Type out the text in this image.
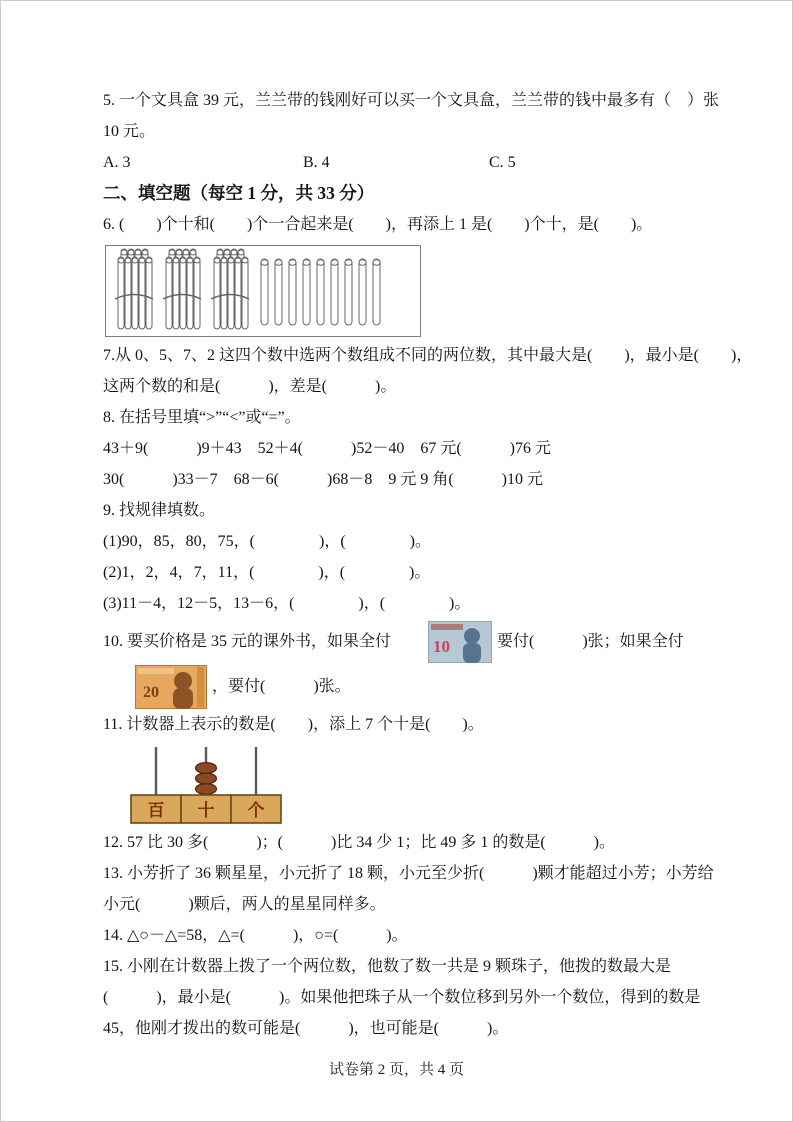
5. 一个文具盒 39 元，兰兰带的钱刚好可以买一个文具盒，兰兰带的钱中最多有（　）张
10 元。
A. 3	B. 4	C. 5
二、填空题（每空 1 分，共 33 分）
6. (　　)个十和(　　)个一合起来是(　　)，再添上 1 是(　　)个十，是(　　)。
7.从 0、5、7、2 这四个数中选两个数组成不同的两位数，其中最大是(　　)，最小是(　　)，
这两个数的和是(　　　)，差是(　　　)。
8. 在括号里填“>”“<”或“=”。
43＋9(　　　)9＋43　52＋4(　　　)52－40　67 元(　　　)76 元
30(　　　)33－7　68－6(　　　)68－8　9 元 9 角(　　　)10 元
9. 找规律填数。
(1)90，85，80，75，(　　　　)，(　　　　)。
(2)1，2，4，7，11，(　　　　)，(　　　　)。
(3)11－4，12－5，13－6，(　　　　)，(　　　　)。
10. 要买价格是 35 元的课外书，如果全付

10

	要付(　　　)张；如果全付

20

	，要付(　　　)张。
11. 计数器上表示的数是(　　)，添上 7 个十是(　　)。
百 十 个
12. 57 比 30 多(　　　)；(　　　)比 34 少 1；比 49 多 1 的数是(　　　)。
13. 小芳折了 36 颗星星，小元折了 18 颗，小元至少折(　　　)颗才能超过小芳；小芳给
小元(　　　)颗后，两人的星星同样多。
14. △○－△=58，△=(　　　)，○=(　　　)。
15. 小刚在计数器上拨了一个两位数，他数了数一共是 9 颗珠子，他拨的数最大是
(　　　)，最小是(　　　)。如果他把珠子从一个数位移到另外一个数位，得到的数是
45，他刚才拨出的数可能是(　　　)，也可能是(　　　)。
试卷第 2 页，共 4 页
